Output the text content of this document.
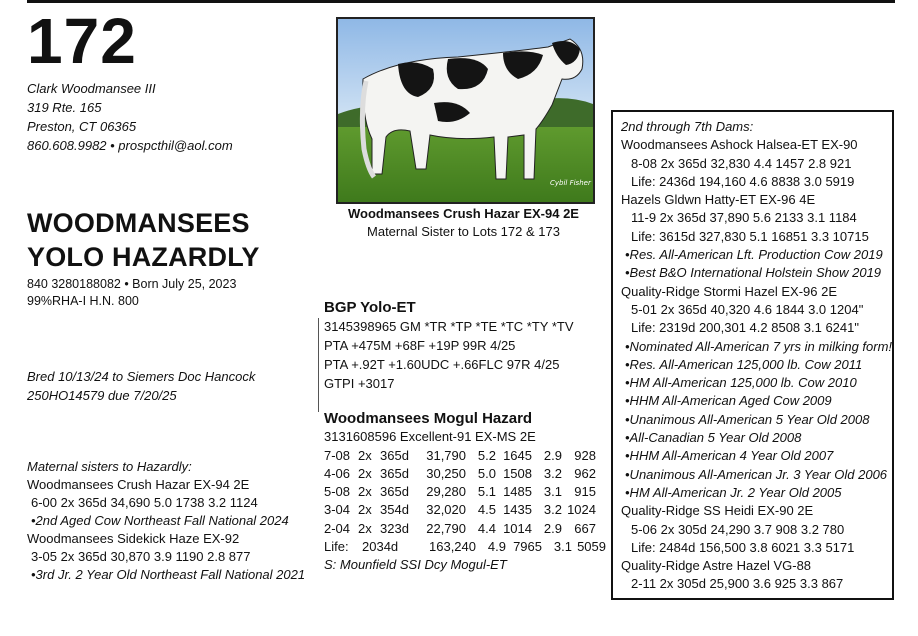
172
Clark Woodmansee III
319 Rte. 165
Preston, CT 06365
860.608.9982 • prospcthil@aol.com
WOODMANSEES
YOLO HAZARDLY
840 3280188082 • Born July 25, 2023
99%RHA-I H.N. 800
Bred 10/13/24 to Siemers Doc Hancock
250HO14579 due 7/20/25
Maternal sisters to Hazardly:
Woodmansees Crush Hazar EX-94 2E
6-00 2x 365d 34,690 5.0 1738 3.2 1124
•2nd Aged Cow Northeast Fall National 2024
Woodmansees Sidekick Haze EX-92
3-05 2x 365d 30,870 3.9 1190 2.8 877
•3rd Jr. 2 Year Old Northeast Fall National 2021
Cybil Fisher
Woodmansees Crush Hazar EX-94 2E
Maternal Sister to Lots 172 & 173
BGP Yolo-ET
3145398965 GM *TR *TP *TE *TC *TY *TV
PTA +475M +68F +19P 99R 4/25
PTA +.92T +1.60UDC +.66FLC 97R 4/25
GTPI +3017
Woodmansees Mogul Hazard
3131608596 Excellent-91 EX-MS 2E
7-08 2x 365d	31,790 5.2 1645 2.9 928
4-06 2x 365d	30,250 5.0 1508 3.2 962
5-08 2x 365d	29,280 5.1 1485 3.1 915
3-04 2x 354d	32,020 4.5 1435 3.2 1024
2-04 2x 323d	22,790 4.4 1014 2.9 667
Life:	2034d	163,240 4.9 7965 3.1 5059
S: Mounfield SSI Dcy Mogul-ET
2nd through 7th Dams:
Woodmansees Ashock Halsea-ET EX-90
8-08 2x 365d 32,830 4.4 1457 2.8 921
Life: 2436d 194,160 4.6 8838 3.0 5919
Hazels Gldwn Hatty-ET EX-96 4E
11-9 2x 365d 37,890 5.6 2133 3.1 1184
Life: 3615d 327,830 5.1 16851 3.3 10715
•Res. All-American Lft. Production Cow 2019
•Best B&O International Holstein Show 2019
Quality-Ridge Stormi Hazel EX-96 2E
5-01 2x 365d 40,320 4.6 1844 3.0 1204"
Life: 2319d 200,301 4.2 8508 3.1 6241"
•Nominated All-American 7 yrs in milking form!
•Res. All-American 125,000 lb. Cow 2011
•HM All-American 125,000 lb. Cow 2010
•HHM All-American Aged Cow 2009
•Unanimous All-American 5 Year Old 2008
•All-Canadian 5 Year Old 2008
•HHM All-American 4 Year Old 2007
•Unanimous All-American Jr. 3 Year Old 2006
•HM All-American Jr. 2 Year Old 2005
Quality-Ridge SS Heidi EX-90 2E
5-06 2x 305d 24,290 3.7 908 3.2 780
Life: 2484d 156,500 3.8 6021 3.3 5171
Quality-Ridge Astre Hazel VG-88
2-11 2x 305d 25,900 3.6 925 3.3 867
